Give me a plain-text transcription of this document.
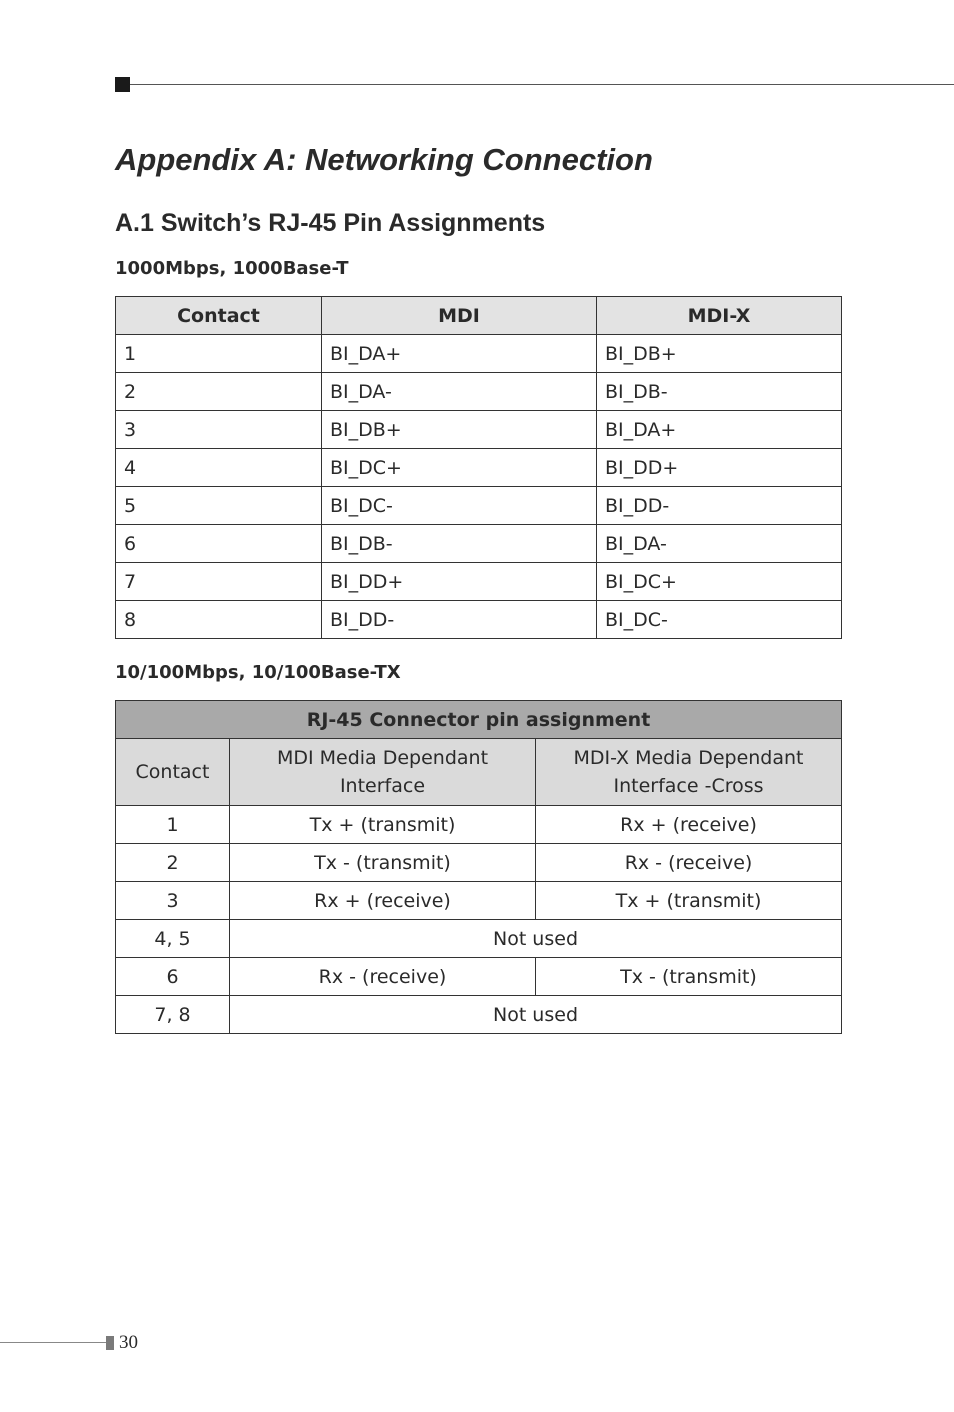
Appendix A: Networking Connection
A.1 Switch’s RJ-45 Pin Assignments
1000Mbps, 1000Base-T
Contact	MDI	MDI-X
1	BI_DA+	BI_DB+
2	BI_DA-	BI_DB-
3	BI_DB+	BI_DA+
4	BI_DC+	BI_DD+
5	BI_DC-	BI_DD-
6	BI_DB-	BI_DA-
7	BI_DD+	BI_DC+
8	BI_DD-	BI_DC-
10/100Mbps, 10/100Base-TX
RJ-45 Connector pin assignment		
Contact	MDI Media Dependant Interface	MDI-X Media Dependant Interface -Cross
1	Tx + (transmit)	Rx + (receive)
2	Tx - (transmit)	Rx - (receive)
3	Rx + (receive)	Tx + (transmit)
4, 5	Not used	
6	Rx - (receive)	Tx - (transmit)
7, 8	Not used	
30
